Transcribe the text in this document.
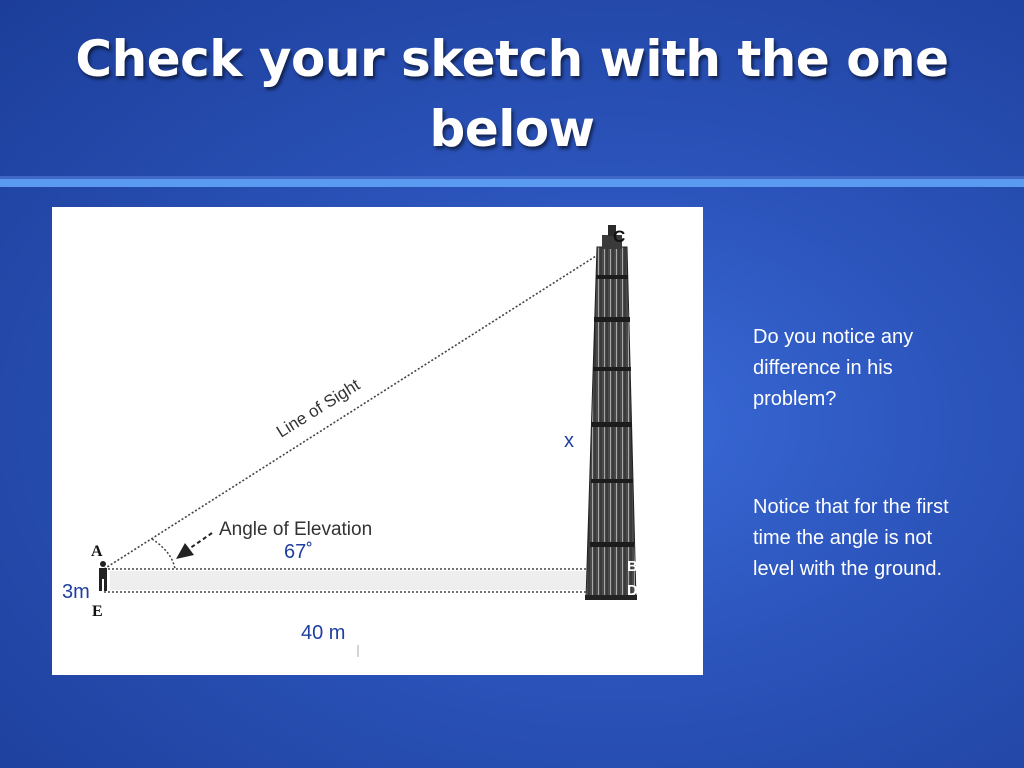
Check your sketch with the one below
Line of Sight
Angle of Elevation
C
B
D
A
E
x
67˚
3m
40 m
Do you notice any difference in his problem?
Notice that for the first time the angle is not level with the ground.
